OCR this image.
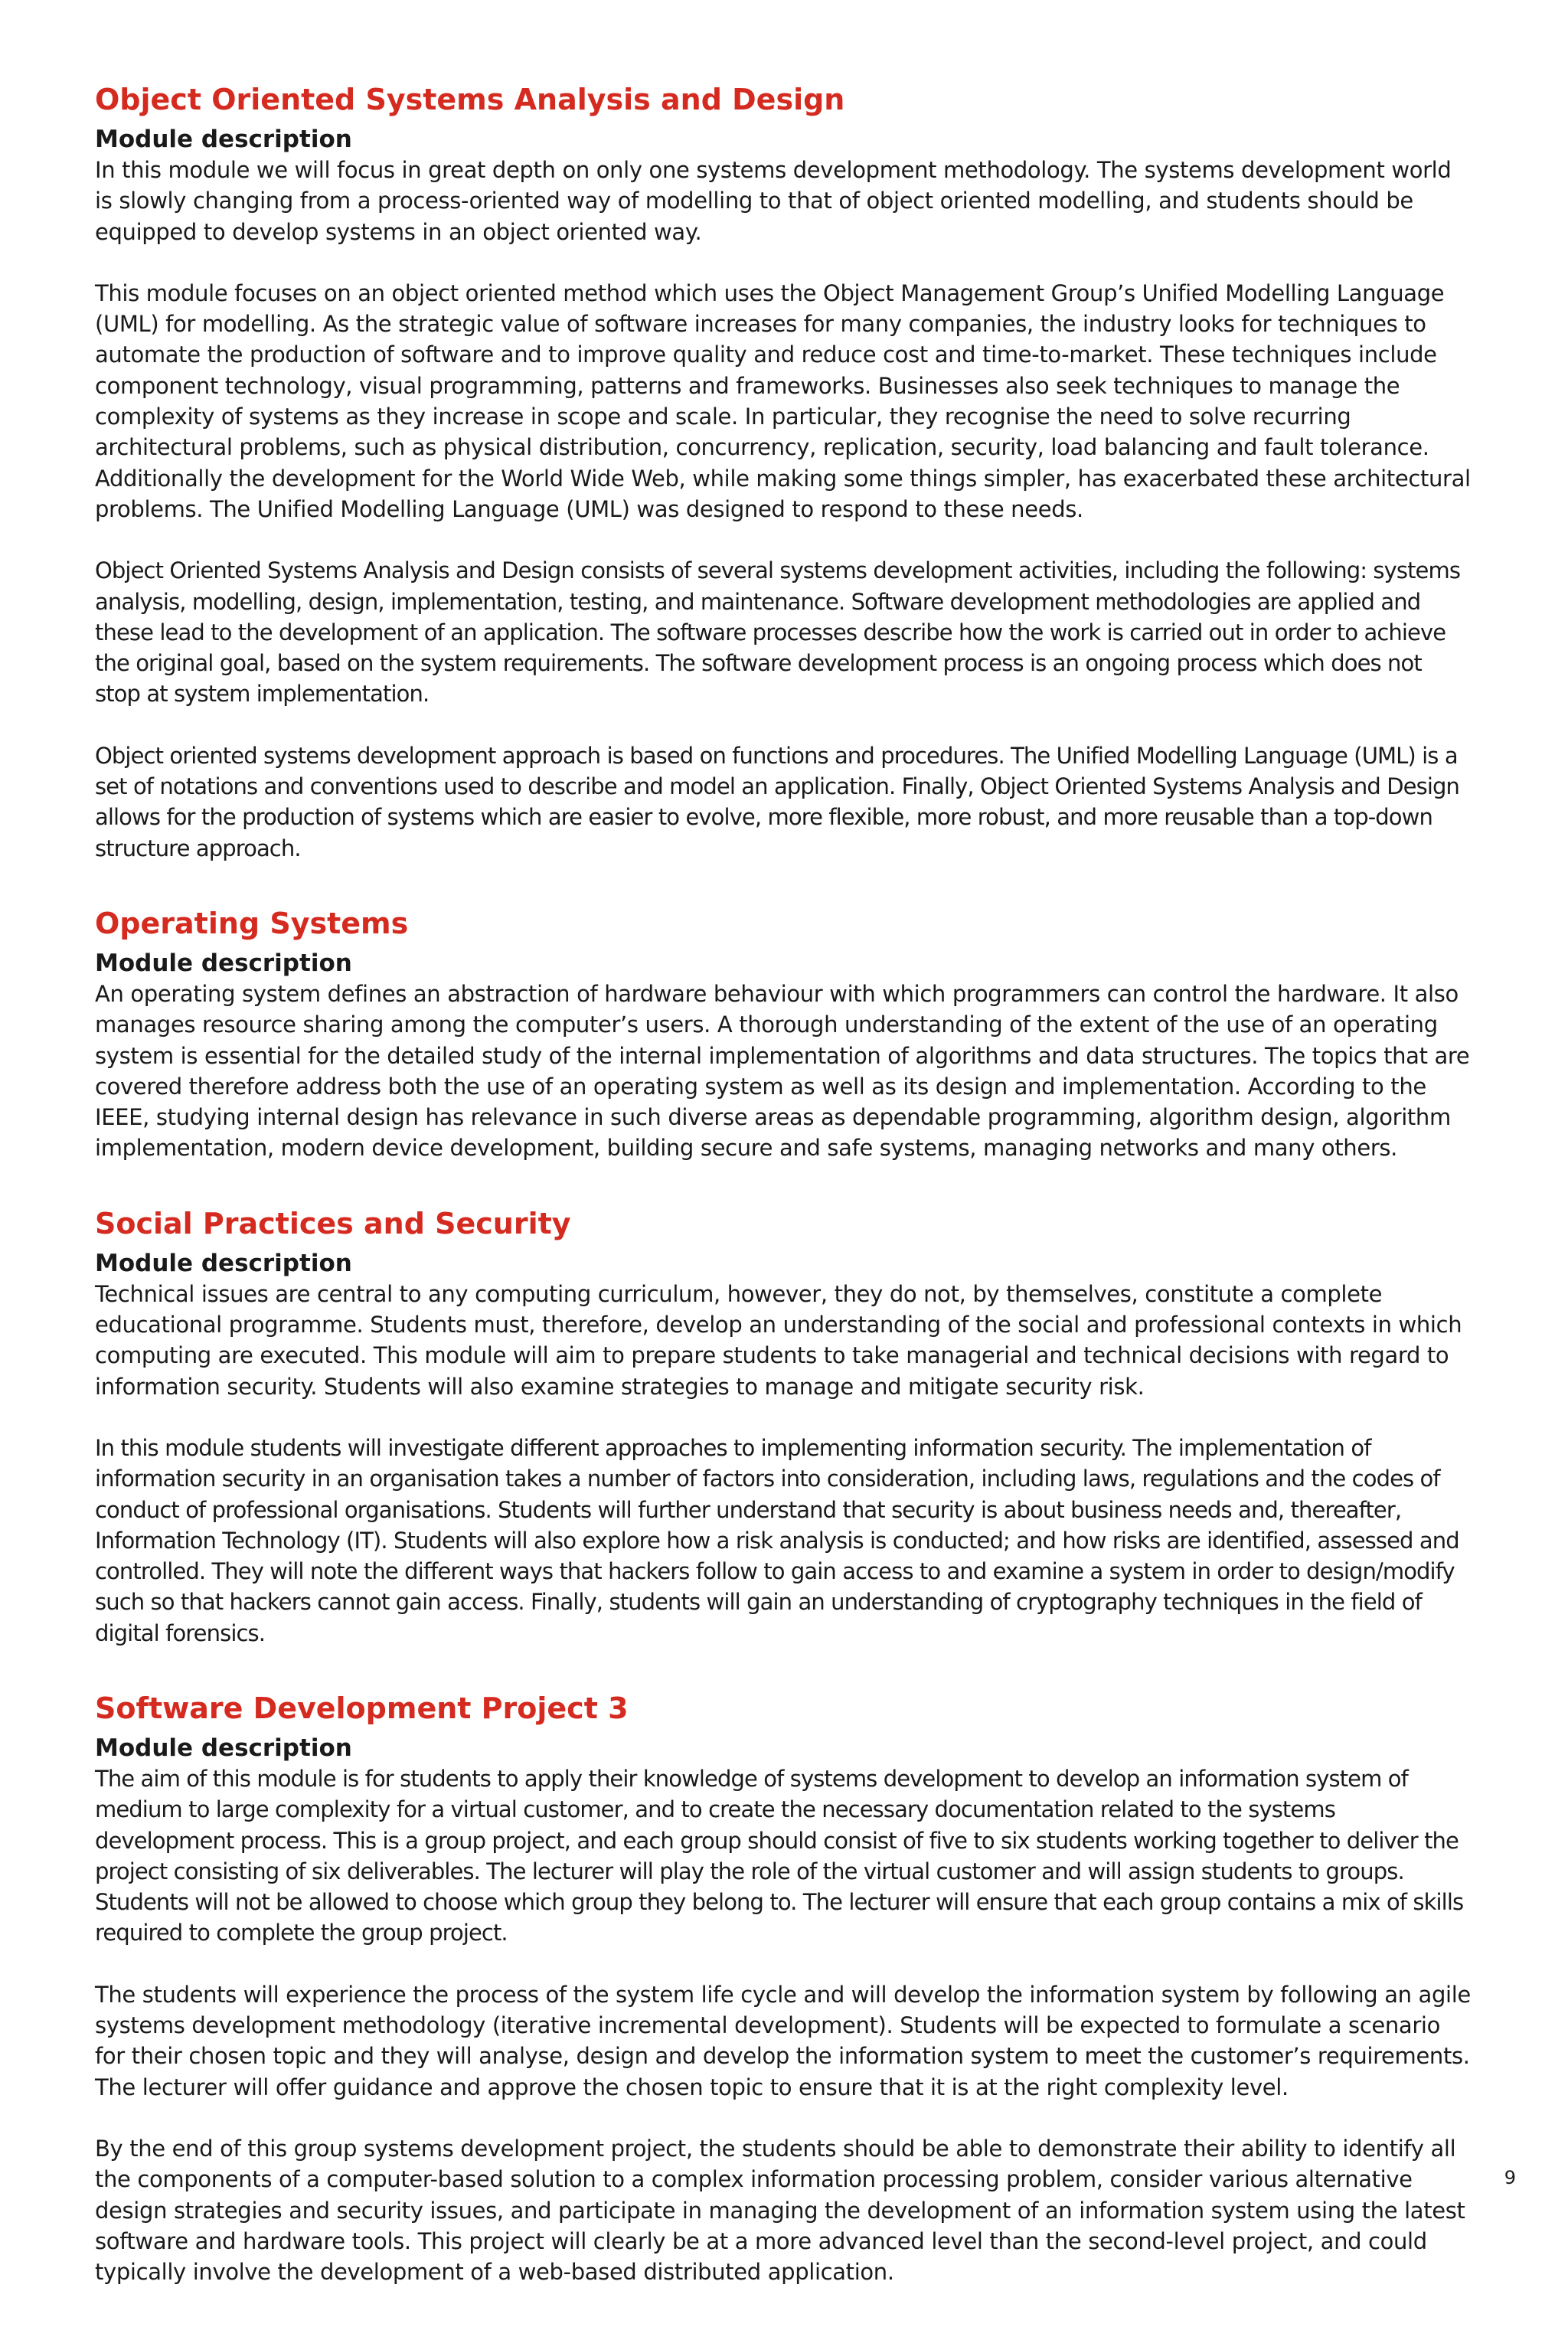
Object Oriented Systems Analysis and Design
Module description

In this module we will focus in great depth on only one systems development methodology. The systems development world is slowly changing from a process-oriented way of modelling to that of object oriented modelling, and students should be equipped to develop systems in an object oriented way.

This module focuses on an object oriented method which uses the Object Management Group’s Unified Modelling Language (UML) for modelling. As the strategic value of software increases for many companies, the industry looks for techniques to automate the production of software and to improve quality and reduce cost and time-to-market. These techniques include component technology, visual programming, patterns and frameworks. Businesses also seek techniques to manage the complexity of systems as they increase in scope and scale. In particular, they recognise the need to solve recurring architectural problems, such as physical distribution, concurrency, replication, security, load balancing and fault tolerance. Additionally the development for the World Wide Web, while making some things simpler, has exacerbated these architectural problems. The Unified Modelling Language (UML) was designed to respond to these needs.

Object Oriented Systems Analysis and Design consists of several systems development activities, including the following: systems analysis, modelling, design, implementation, testing, and maintenance. Software development methodologies are applied and these lead to the development of an application. The software processes describe how the work is carried out in order to achieve the original goal, based on the system requirements. The software development process is an ongoing process which does not stop at system implementation.

Object oriented systems development approach is based on functions and procedures. The Unified Modelling Language (UML) is a set of notations and conventions used to describe and model an application. Finally, Object Oriented Systems Analysis and Design allows for the production of systems which are easier to evolve, more flexible, more robust, and more reusable than a top-down structure approach.

Operating Systems
Module description

An operating system defines an abstraction of hardware behaviour with which programmers can control the hardware. It also manages resource sharing among the computer’s users. A thorough understanding of the extent of the use of an operating system is essential for the detailed study of the internal implementation of algorithms and data structures. The topics that are covered therefore address both the use of an operating system as well as its design and implementation. According to the IEEE, studying internal design has relevance in such diverse areas as dependable programming, algorithm design, algorithm implementation, modern device development, building secure and safe systems, managing networks and many others.

Social Practices and Security
Module description

Technical issues are central to any computing curriculum, however, they do not, by themselves, constitute a complete educational programme. Students must, therefore, develop an understanding of the social and professional contexts in which computing are executed. This module will aim to prepare students to take managerial and technical decisions with regard to information security. Students will also examine strategies to manage and mitigate security risk.

In this module students will investigate different approaches to implementing information security. The implementation of information security in an organisation takes a number of factors into consideration, including laws, regulations and the codes of conduct of professional organisations. Students will further understand that security is about business needs and, thereafter, Information Technology (IT). Students will also explore how a risk analysis is conducted; and how risks are identified, assessed and controlled. They will note the different ways that hackers follow to gain access to and examine a system in order to design/modify such so that hackers cannot gain access. Finally, students will gain an understanding of cryptography techniques in the field of digital forensics.

Software Development Project 3
Module description

The aim of this module is for students to apply their knowledge of systems development to develop an information system of medium to large complexity for a virtual customer, and to create the necessary documentation related to the systems development process. This is a group project, and each group should consist of five to six students working together to deliver the project consisting of six deliverables. The lecturer will play the role of the virtual customer and will assign students to groups. Students will not be allowed to choose which group they belong to. The lecturer will ensure that each group contains a mix of skills required to complete the group project.

The students will experience the process of the system life cycle and will develop the information system by following an agile systems development methodology (iterative incremental development). Students will be expected to formulate a scenario for their chosen topic and they will analyse, design and develop the information system to meet the customer’s requirements. The lecturer will offer guidance and approve the chosen topic to ensure that it is at the right complexity level.

By the end of this group systems development project, the students should be able to demonstrate their ability to identify all the components of a computer-based solution to a complex information processing problem, consider various alternative design strategies and security issues, and participate in managing the development of an information system using the latest software and hardware tools. This project will clearly be at a more advanced level than the second-level project, and could typically involve the development of a web-based distributed application.

9
